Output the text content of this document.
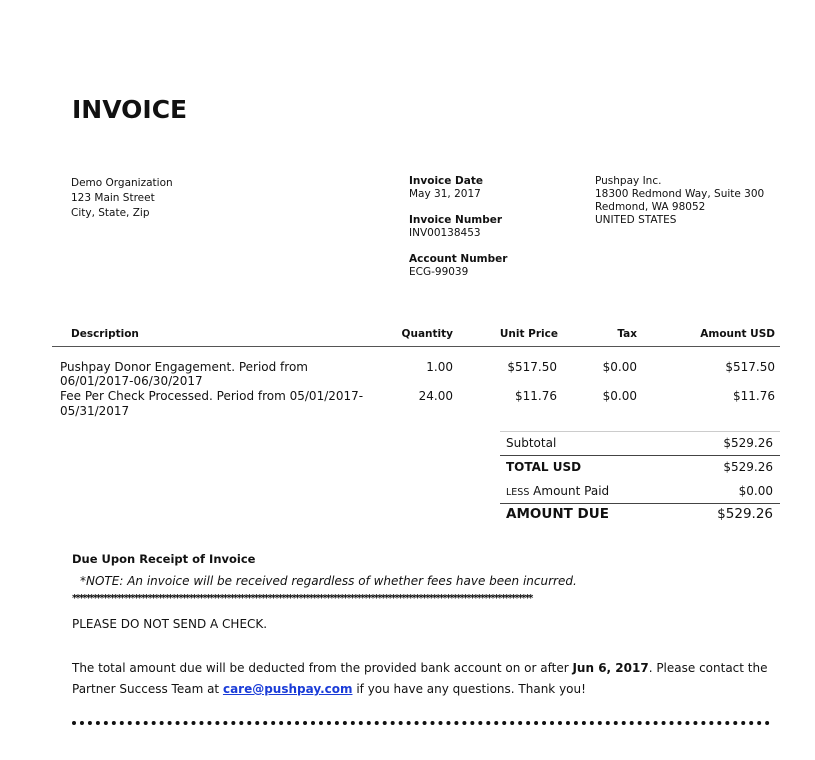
INVOICE
Demo Organization
123 Main Street
City, State, Zip
Invoice Date
May 31, 2017
Invoice Number
INV00138453
Account Number
ECG-99039
Pushpay Inc.
18300 Redmond Way, Suite 300
Redmond, WA 98052
UNITED STATES
Description	Quantity	Unit Price	Tax	Amount USD
Pushpay Donor Engagement. Period from
06/01/2017-06/30/2017
1.00	$517.50	$0.00	$517.50
Fee Per Check Processed. Period from 05/01/2017-
05/31/2017
24.00	$11.76	$0.00	$11.76
Subtotal	$529.26
TOTAL USD	$529.26
LESS Amount Paid	$0.00
AMOUNT DUE	$529.26
Due Upon Receipt of Invoice
*NOTE: An invoice will be received regardless of whether fees have been incurred.
**************************************************************************************************************************************
PLEASE DO NOT SEND A CHECK.
The total amount due will be deducted from the provided bank account on or after Jun 6, 2017. Please contact the
Partner Success Team at care@pushpay.com if you have any questions. Thank you!
